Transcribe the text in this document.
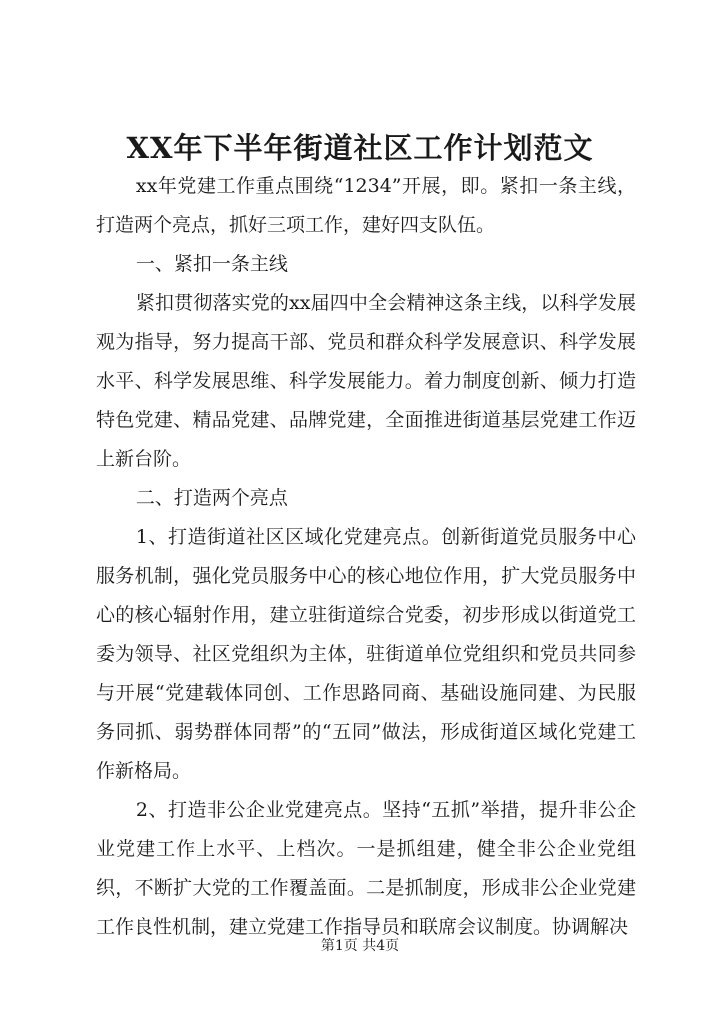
XX年下半年街道社区工作计划范文

xx年党建工作重点围绕“1234”开展，即。紧扣一条主线，打造两个亮点，抓好三项工作，建好四支队伍。

一、紧扣一条主线

紧扣贯彻落实党的xx届四中全会精神这条主线，以科学发展观为指导，努力提高干部、党员和群众科学发展意识、科学发展水平、科学发展思维、科学发展能力。着力制度创新、倾力打造特色党建、精品党建、品牌党建，全面推进街道基层党建工作迈上新台阶。

二、打造两个亮点

1、打造街道社区区域化党建亮点。创新街道党员服务中心服务机制，强化党员服务中心的核心地位作用，扩大党员服务中心的核心辐射作用，建立驻街道综合党委，初步形成以街道党工委为领导、社区党组织为主体，驻街道单位党组织和党员共同参与开展“党建载体同创、工作思路同商、基础设施同建、为民服务同抓、弱势群体同帮”的“五同”做法，形成街道区域化党建工作新格局。

2、打造非公企业党建亮点。坚持“五抓”举措，提升非公企业党建工作上水平、上档次。一是抓组建，健全非公企业党组织，不断扩大党的工作覆盖面。二是抓制度，形成非公企业党建工作良性机制，建立党建工作指导员和联席会议制度。协调解决

第1页 共4页
